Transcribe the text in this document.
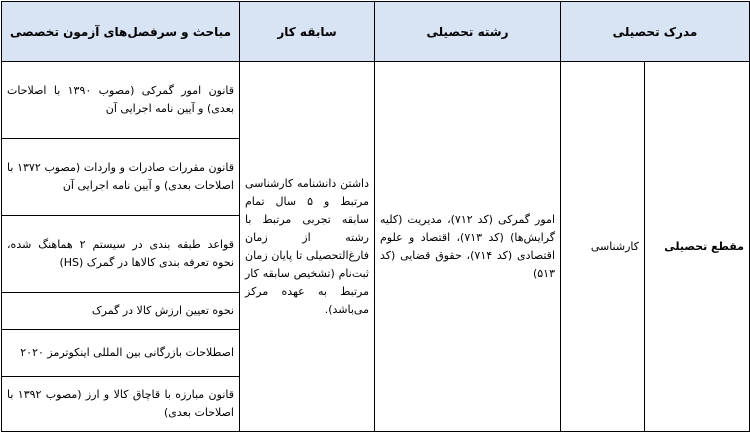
مدرک تحصیلی		رشته تحصیلی	سابقه کار	مباحث و سرفصل‌های آزمون تخصصی
مقطع تحصیلی	کارشناسی	امور گمرکی (کد ۷۱۲)، مدیریت (کلیه گرایش‌ها) (کد ۷۱۳)، اقتصاد و علوم اقتصادی (کد ۷۱۴)، حقوق قضایی (کد ۵۱۳)	داشتن دانشنامه کارشناسی مرتبط و ۵ سال تمام سابقه تجربی مرتبط با رشته از زمان فارغ‌التحصیلی تا پایان زمان ثبت‌نام (تشخیص سابقه کار مرتبط به عهده مرکز می‌باشد).	قانون امور گمرکی (مصوب ۱۳۹۰ با اصلاحات بعدی) و آیین نامه اجرایی آن
				قانون مقررات صادرات و واردات (مصوب ۱۳۷۲ با اصلاحات بعدی) و آیین نامه اجرایی آن
				قواعد طبقه بندی در سیستم ۲ هماهنگ شده، نحوه تعرفه بندی کالاها در گمرک (HS)
				نحوه تعیین ارزش کالا در گمرک
				اصطلاحات بازرگانی بین المللی اینکوترمز ۲۰۲۰
				قانون مبارزه با قاچاق کالا و ارز (مصوب ۱۳۹۲ با اصلاحات بعدی)
